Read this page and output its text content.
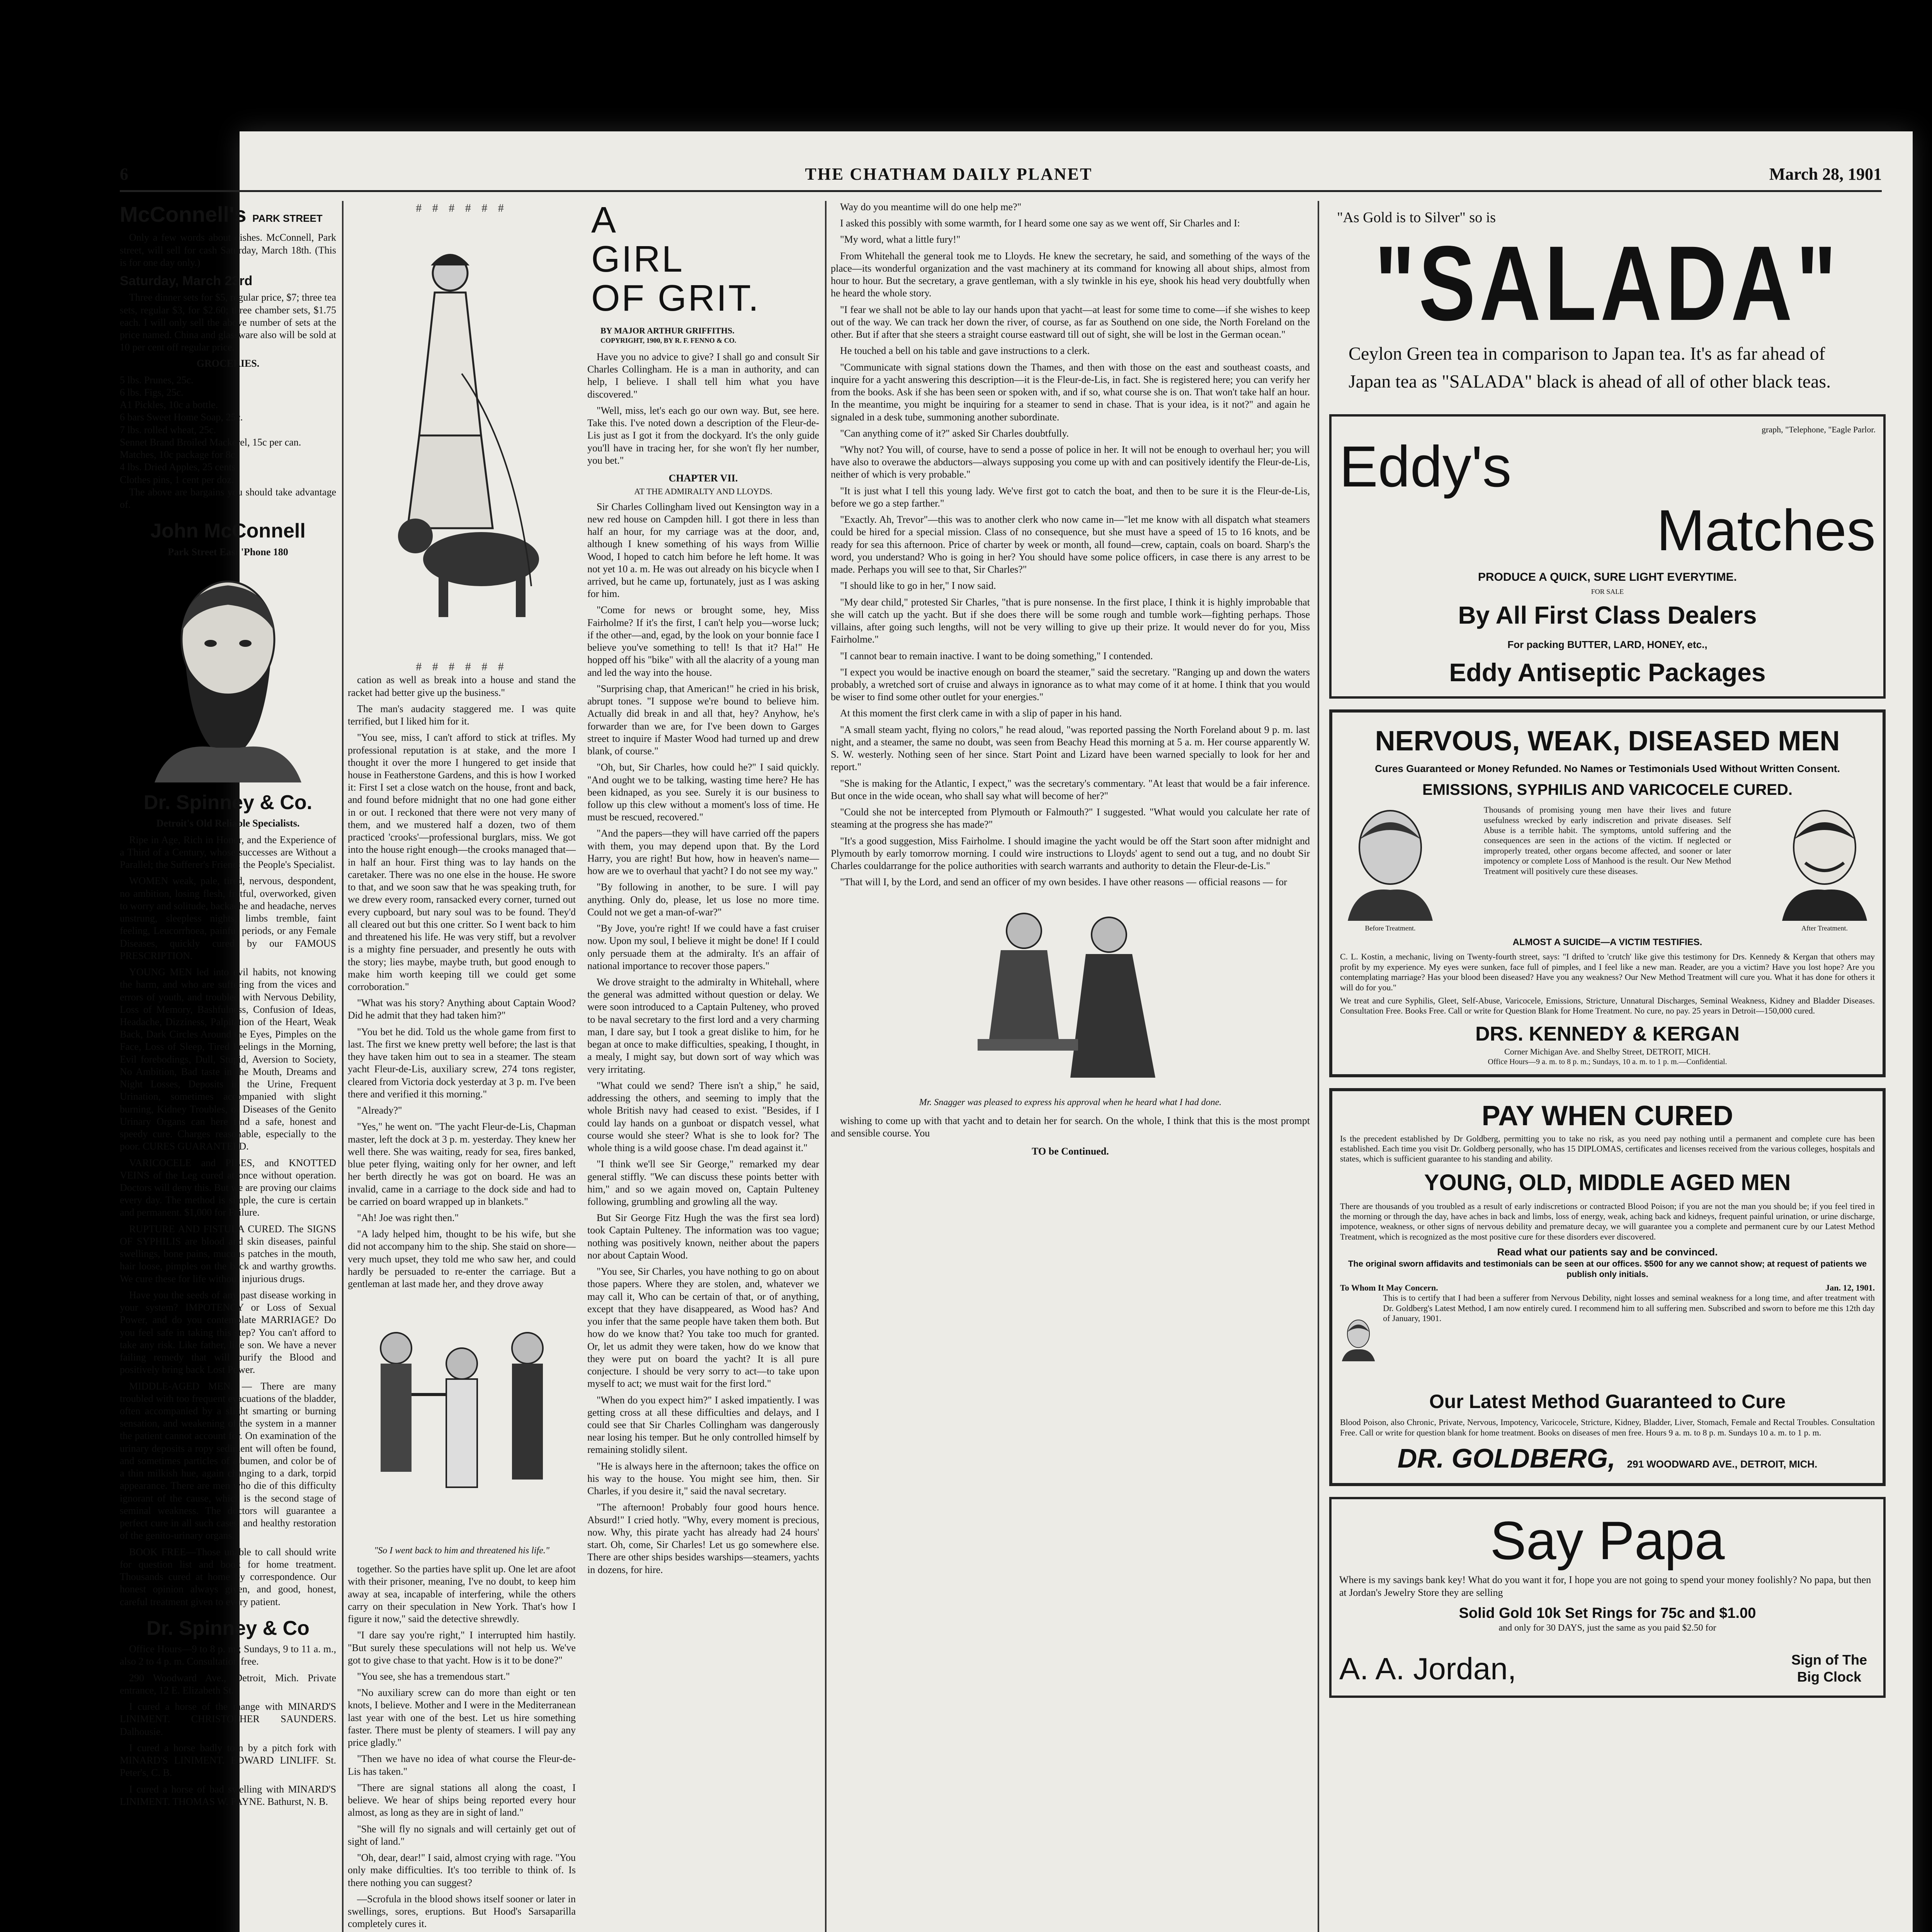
6	THE CHATHAM DAILY PLANET	March 28, 1901
McConnell's PARK STREET

Only a few words about dishes. McConnell, Park street, will sell for cash Saturday, March 18th. (This is for one day only.)

Saturday, March 23rd

Three dinner sets for $5, regular price, $7; three tea sets, regular $3, for $2.60; three chamber sets, $1.75 each. I will only sell the above number of sets at the price named. China and glassware also will be sold at 10 per cent off regular price.

GROCERIES.
5 lbs. Prunes, 25c.
6 lbs. Figs, 25c.
A1 Pickles, 10c a bottle.
6 bars Sweet Home Soap, 25c.
7 lbs. rolled wheat, 25c.
Sennet Brand Broiled Mackerel, 15c per can.
Matches, 10c package for 8c.
4 lbs. Dried Apples, 25 cents.
Clothes pins, 1 cent per doz.

The above are bargains you should take advantage of.

John McConnell
Park Street East 'Phone 180
Dr. Spinney & Co.
Detroit's Old Reliable Specialists.

Ripe in Age, Rich in Honor, and the Experience of a Third of a Century, whose successes are Without a Parallel; the Sufferer's Friend; the People's Specialist.

WOMEN weak, pale, tired, nervous, despondent, no ambition, losing flesh, fretful, overworked, given to worry and solitude, backache and headache, nerves unstrung, sleepless nights, limbs tremble, faint feeling, Leucorrhoea, painful periods, or any Female Diseases, quickly cured by our FAMOUS PRESCRIPTION.

YOUNG MEN led into evil habits, not knowing the harm, and who are suffering from the vices and errors of youth, and troubled with Nervous Debility, Loss of Memory, Bashfulness, Confusion of Ideas, Headache, Dizziness, Palpitation of the Heart, Weak Back, Dark Circles Around the Eyes, Pimples on the Face, Loss of Sleep, Tired Feelings in the Morning, Evil forebodings, Dull, Stupid, Aversion to Society, No Ambition, Bad taste in the Mouth, Dreams and Night Losses, Deposits in the Urine, Frequent Urination, sometimes accompanied with slight burning, Kidney Troubles, or Diseases of the Genito Urinary Organs can here find a safe, honest and speedy cure. Charges reasonable, especially to the poor. CURES GUARANTEED.

VARICOCELE and PILES, and KNOTTED VEINS of the Leg cured at once without operation. Doctors will deny this. But we are proving our claims every day. The method is simple, the cure is certain and permanent. $1,000 for Failure.

RUPTURE AND FISTULA CURED. The SIGNS OF SYPHILIS are blood and skin diseases, painful swellings, bone pains, mucous patches in the mouth, hair loose, pimples on the back and warthy growths. We cure these for life without injurious drugs.

Have you the seeds of any past disease working in your system? IMPOTENCY or Loss of Sexual Power, and do you contemplate MARRIAGE? Do you feel safe in taking this step? You can't afford to take any risk. Like father, like son. We have a never failing remedy that will purify the Blood and positively bring back Lost Power.

MIDDLE-AGED MEN. — There are many troubled with too frequent evacuations of the bladder, often accompanied by a slight smarting or burning sensation, and weakening of the system in a manner the patient cannot account for. On examination of the urinary deposits a ropy sediment will often be found, and sometimes particles of albumen, and color be of a thin milkish hue, again changing to a dark, torpid appearance. There are men who die of this difficulty ignorant of the cause, which is the second stage of seminal weakness. The doctors will guarantee a perfect cure in all such cases, and healthy restoration of the genito-urinary organs.

BOOK FREE—Those unable to call should write for question list and book for home treatment. Thousands cured at home by correspondence. Our honest opinion always given, and good, honest, careful treatment given to every patient.

Dr. Spinney & Co

Office Hours—9 to 8 p. m.; Sundays, 9 to 11 a. m., also 2 to 4 p. m. Consultation free.

290 Woodward Ave., Detroit, Mich. Private entrance, 12 E. Elizabeth St.

I cured a horse of the mange with MINARD'S LINIMENT. CHRISTOPHER SAUNDERS. Dalhousie.

I cured a horse badly torn by a pitch fork with MINARD'S LINIMENT. EDWARD LINLIFF. St. Peter's, C. B.

I cured a horse of bad swelling with MINARD'S LINIMENT. THOMAS W. PAYNE. Bathurst, N. B.

# # # # # #
# # # # # #

cation as well as break into a house and stand the racket had better give up the business."

The man's audacity staggered me. I was quite terrified, but I liked him for it.

"You see, miss, I can't afford to stick at trifles. My professional reputation is at stake, and the more I thought it over the more I hungered to get inside that house in Featherstone Gardens, and this is how I worked it: First I set a close watch on the house, front and back, and found before midnight that no one had gone either in or out. I reckoned that there were not very many of them, and we mustered half a dozen, two of them practiced 'crooks'—professional burglars, miss. We got into the house right enough—the crooks managed that—in half an hour. First thing was to lay hands on the caretaker. There was no one else in the house. He swore to that, and we soon saw that he was speaking truth, for we drew every room, ransacked every corner, turned out every cupboard, but nary soul was to be found. They'd all cleared out but this one critter. So I went back to him and threatened his life. He was very stiff, but a revolver is a mighty fine persuader, and presently he outs with the story; lies maybe, maybe truth, but good enough to make him worth keeping till we could get some corroboration."

"What was his story? Anything about Captain Wood? Did he admit that they had taken him?"

"You bet he did. Told us the whole game from first to last. The first we knew pretty well before; the last is that they have taken him out to sea in a steamer. The steam yacht Fleur-de-Lis, auxiliary screw, 274 tons register, cleared from Victoria dock yesterday at 3 p. m. I've been there and verified it this morning."

"Already?"

"Yes," he went on. "The yacht Fleur-de-Lis, Chapman master, left the dock at 3 p. m. yesterday. They knew her well there. She was waiting, ready for sea, fires banked, blue peter flying, waiting only for her owner, and left her berth directly he was got on board. He was an invalid, came in a carriage to the dock side and had to be carried on board wrapped up in blankets."

"Ah! Joe was right then."

"A lady helped him, thought to be his wife, but she did not accompany him to the ship. She staid on shore—very much upset, they told me who saw her, and could hardly be persuaded to re-enter the carriage. But a gentleman at last made her, and they drove away

"So I went back to him and threatened his life."

together. So the parties have split up. One let are afoot with their prisoner, meaning, I've no doubt, to keep him away at sea, incapable of interfering, while the others carry on their speculation in New York. That's how I figure it now," said the detective shrewdly.

"I dare say you're right," I interrupted him hastily. "But surely these speculations will not help us. We've got to give chase to that yacht. How is it to be done?"

"You see, she has a tremendous start."

"No auxiliary screw can do more than eight or ten knots, I believe. Mother and I were in the Mediterranean last year with one of the best. Let us hire something faster. There must be plenty of steamers. I will pay any price gladly."

"Then we have no idea of what course the Fleur-de-Lis has taken."

"There are signal stations all along the coast, I believe. We hear of ships being reported every hour almost, as long as they are in sight of land."

"She will fly no signals and will certainly get out of sight of land."

"Oh, dear, dear!" I said, almost crying with rage. "You only make difficulties. It's too terrible to think of. Is there nothing you can suggest?

—Scrofula in the blood shows itself sooner or later in swellings, sores, eruptions. But Hood's Sarsaparilla completely cures it.

A
GIRL
OF GRIT.

BY MAJOR ARTHUR GRIFFITHS.

COPYRIGHT, 1900, BY R. F. FENNO & CO.

Have you no advice to give? I shall go and consult Sir Charles Collingham. He is a man in authority, and can help, I believe. I shall tell him what you have discovered."

"Well, miss, let's each go our own way. But, see here. Take this. I've noted down a description of the Fleur-de-Lis just as I got it from the dockyard. It's the only guide you'll have in tracing her, for she won't fly her number, you bet."

CHAPTER VII.

AT THE ADMIRALTY AND LLOYDS.

Sir Charles Collingham lived out Kensington way in a new red house on Campden hill. I got there in less than half an hour, for my carriage was at the door, and, although I knew something of his ways from Willie Wood, I hoped to catch him before he left home. It was not yet 10 a. m. He was out already on his bicycle when I arrived, but he came up, fortunately, just as I was asking for him.

"Come for news or brought some, hey, Miss Fairholme? If it's the first, I can't help you—worse luck; if the other—and, egad, by the look on your bonnie face I believe you've something to tell! Is that it? Ha!" He hopped off his "bike" with all the alacrity of a young man and led the way into the house.

"Surprising chap, that American!" he cried in his brisk, abrupt tones. "I suppose we're bound to believe him. Actually did break in and all that, hey? Anyhow, he's forwarder than we are, for I've been down to Garges street to inquire if Master Wood had turned up and drew blank, of course."

"Oh, but, Sir Charles, how could he?" I said quickly. "And ought we to be talking, wasting time here? He has been kidnaped, as you see. Surely it is our business to follow up this clew without a moment's loss of time. He must be rescued, recovered."

"And the papers—they will have carried off the papers with them, you may depend upon that. By the Lord Harry, you are right! But how, how in heaven's name—how are we to overhaul that yacht? I do not see my way."

"By following in another, to be sure. I will pay anything. Only do, please, let us lose no more time. Could not we get a man-of-war?"

"By Jove, you're right! If we could have a fast cruiser now. Upon my soul, I believe it might be done! If I could only persuade them at the admiralty. It's an affair of national importance to recover those papers."

We drove straight to the admiralty in Whitehall, where the general was admitted without question or delay. We were soon introduced to a Captain Pulteney, who proved to be naval secretary to the first lord and a very charming man, I dare say, but I took a great dislike to him, for he began at once to make difficulties, speaking, I thought, in a mealy, I might say, but down sort of way which was very irritating.

"What could we send? There isn't a ship," he said, addressing the others, and seeming to imply that the whole British navy had ceased to exist. "Besides, if I could lay hands on a gunboat or dispatch vessel, what course would she steer? What is she to look for? The whole thing is a wild goose chase. I'm dead against it."

"I think we'll see Sir George," remarked my dear general stiffly. "We can discuss these points better with him," and so we again moved on, Captain Pulteney following, grumbling and growling all the way.

But Sir George Fitz Hugh the was the first sea lord) took Captain Pulteney. The information was too vague; nothing was positively known, neither about the papers nor about Captain Wood.

"You see, Sir Charles, you have nothing to go on about those papers. Where they are stolen, and, whatever we may call it, Who can be certain of that, or of anything, except that they have disappeared, as Wood has? And you infer that the same people have taken them both. But how do we know that? You take too much for granted. Or, let us admit they were taken, how do we know that they were put on board the yacht? It is all pure conjecture. I should be very sorry to act—to take upon myself to act; we must wait for the first lord."

"When do you expect him?" I asked impatiently. I was getting cross at all these difficulties and delays, and I could see that Sir Charles Collingham was dangerously near losing his temper. But he only controlled himself by remaining stolidly silent.

"He is always here in the afternoon; takes the office on his way to the house. You might see him, then. Sir Charles, if you desire it," said the naval secretary.

"The afternoon! Probably four good hours hence. Absurd!" I cried hotly. "Why, every moment is precious, now. Why, this pirate yacht has already had 24 hours' start. Oh, come, Sir Charles! Let us go somewhere else. There are other ships besides warships—steamers, yachts in dozens, for hire.

Way do you meantime will do one help me?"

I asked this possibly with some warmth, for I heard some one say as we went off, Sir Charles and I:

"My word, what a little fury!"

From Whitehall the general took me to Lloyds. He knew the secretary, he said, and something of the ways of the place—its wonderful organization and the vast machinery at its command for knowing all about ships, almost from hour to hour. But the secretary, a grave gentleman, with a sly twinkle in his eye, shook his head very doubtfully when he heard the whole story.

"I fear we shall not be able to lay our hands upon that yacht—at least for some time to come—if she wishes to keep out of the way. We can track her down the river, of course, as far as Southend on one side, the North Foreland on the other. But if after that she steers a straight course eastward till out of sight, she will be lost in the German ocean."

He touched a bell on his table and gave instructions to a clerk.

"Communicate with signal stations down the Thames, and then with those on the east and southeast coasts, and inquire for a yacht answering this description—it is the Fleur-de-Lis, in fact. She is registered here; you can verify her from the books. Ask if she has been seen or spoken with, and if so, what course she is on. That won't take half an hour. In the meantime, you might be inquiring for a steamer to send in chase. That is your idea, is it not?" and again he signaled in a desk tube, summoning another subordinate.

"Can anything come of it?" asked Sir Charles doubtfully.

"Why not? You will, of course, have to send a posse of police in her. It will not be enough to overhaul her; you will have also to overawe the abductors—always supposing you come up with and can positively identify the Fleur-de-Lis, neither of which is very probable."

"It is just what I tell this young lady. We've first got to catch the boat, and then to be sure it is the Fleur-de-Lis, before we go a step farther."

"Exactly. Ah, Trevor"—this was to another clerk who now came in—"let me know with all dispatch what steamers could be hired for a special mission. Class of no consequence, but she must have a speed of 15 to 16 knots, and be ready for sea this afternoon. Price of charter by week or month, all found—crew, captain, coals on board. Sharp's the word, you understand? Who is going in her? You should have some police officers, in case there is any arrest to be made. Perhaps you will see to that, Sir Charles?"

"I should like to go in her," I now said.

"My dear child," protested Sir Charles, "that is pure nonsense. In the first place, I think it is highly improbable that she will catch up the yacht. But if she does there will be some rough and tumble work—fighting perhaps. Those villains, after going such lengths, will not be very willing to give up their prize. It would never do for you, Miss Fairholme."

"I cannot bear to remain inactive. I want to be doing something," I contended.

"I expect you would be inactive enough on board the steamer," said the secretary. "Ranging up and down the waters probably, a wretched sort of cruise and always in ignorance as to what may come of it at home. I think that you would be wiser to find some other outlet for your energies."

At this moment the first clerk came in with a slip of paper in his hand.

"A small steam yacht, flying no colors," he read aloud, "was reported passing the North Foreland about 9 p. m. last night, and a steamer, the same no doubt, was seen from Beachy Head this morning at 5 a. m. Her course apparently W. S. W. westerly. Nothing seen of her since. Start Point and Lizard have been warned specially to look for her and report."

"She is making for the Atlantic, I expect," was the secretary's commentary. "At least that would be a fair inference. But once in the wide ocean, who shall say what will become of her?"

"Could she not be intercepted from Plymouth or Falmouth?" I suggested. "What would you calculate her rate of steaming at the progress she has made?"

"It's a good suggestion, Miss Fairholme. I should imagine the yacht would be off the Start soon after midnight and Plymouth by early tomorrow morning. I could wire instructions to Lloyds' agent to send out a tug, and no doubt Sir Charles couldarrange for the police authorities with search warrants and authority to detain the Fleur-de-Lis."

"That will I, by the Lord, and send an officer of my own besides. I have other reasons — official reasons — for

Mr. Snagger was pleased to express his approval when he heard what I had done.

wishing to come up with that yacht and to detain her for search. On the whole, I think that this is the most prompt and sensible course. You

TO be Continued.

"As Gold is to Silver" so is
"SALADA"
Ceylon Green tea in comparison to Japan tea. It's as far ahead of Japan tea as "SALADA" black is ahead of all of other black teas.
graph, "Telephone, "Eagle Parlor.
Eddy's
Matches
PRODUCE A QUICK, SURE LIGHT EVERYTIME.
FOR SALE
By All First Class Dealers
For packing BUTTER, LARD, HONEY, etc.,
Eddy Antiseptic Packages
NERVOUS, WEAK, DISEASED MEN
Cures Guaranteed or Money Refunded. No Names or Testimonials Used Without Written Consent.
EMISSIONS, SYPHILIS AND VARICOCELE CURED.
Before Treatment.
Thousands of promising young men have their lives and future usefulness wrecked by early indiscretion and private diseases. Self Abuse is a terrible habit. The symptoms, untold suffering and the consequences are seen in the actions of the victim. If neglected or improperly treated, other organs become affected, and sooner or later impotency or complete Loss of Manhood is the result. Our New Method Treatment will positively cure these diseases.
After Treatment.
ALMOST A SUICIDE—A VICTIM TESTIFIES.
C. L. Kostin, a mechanic, living on Twenty-fourth street, says: "I drifted to 'crutch' like give this testimony for Drs. Kennedy & Kergan that others may profit by my experience. My eyes were sunken, face full of pimples, and I feel like a new man. Reader, are you a victim? Have you lost hope? Are you contemplating marriage? Has your blood been diseased? Have you any weakness? Our New Method Treatment will cure you. What it has done for others it will do for you."
We treat and cure Syphilis, Gleet, Self-Abuse, Varicocele, Emissions, Stricture, Unnatural Discharges, Seminal Weakness, Kidney and Bladder Diseases. Consultation Free. Books Free. Call or write for Question Blank for Home Treatment. No cure, no pay. 25 years in Detroit—150,000 cured.
DRS. KENNEDY & KERGAN
Corner Michigan Ave. and Shelby Street, DETROIT, MICH.
Office Hours—9 a. m. to 8 p. m.; Sundays, 10 a. m. to 1 p. m.—Confidential.
PAY WHEN CURED
Is the precedent established by Dr Goldberg, permitting you to take no risk, as you need pay nothing until a permanent and complete cure has been established. Each time you visit Dr. Goldberg personally, who has 15 DIPLOMAS, certificates and licenses received from the various colleges, hospitals and states, which is sufficient guarantee to his standing and ability.
YOUNG, OLD, MIDDLE AGED MEN
There are thousands of you troubled as a result of early indiscretions or contracted Blood Poison; if you are not the man you should be; if you feel tired in the morning or through the day, have aches in back and limbs, loss of energy, weak, aching back and kidneys, frequent painful urination, or urine discharge, impotence, weakness, or other signs of nervous debility and premature decay, we will guarantee you a complete and permanent cure by our Latest Method Treatment, which is recognized as the most positive cure for these disorders ever discovered.
Read what our patients say and be convinced.
The original sworn affidavits and testimonials can be seen at our offices. $500 for any we cannot show; at request of patients we publish only initials.
To Whom It May Concern.	Jan. 12, 1901.
This is to certify that I had been a sufferer from Nervous Debility, night losses and seminal weakness for a long time, and after treatment with Dr. Goldberg's Latest Method, I am now entirely cured. I recommend him to all suffering men. Subscribed and sworn to before me this 12th day of January, 1901.
Our Latest Method Guaranteed to Cure
Blood Poison, also Chronic, Private, Nervous, Impotency, Varicocele, Stricture, Kidney, Bladder, Liver, Stomach, Female and Rectal Troubles. Consultation Free. Call or write for question blank for home treatment. Books on diseases of men free. Hours 9 a. m. to 8 p. m. Sundays 10 a. m. to 1 p. m.
DR. GOLDBERG, 291 WOODWARD AVE., DETROIT, MICH.
Say Papa
Where is my savings bank key! What do you want it for, I hope you are not going to spend your money foolishly? No papa, but then at Jordan's Jewelry Store they are selling
Solid Gold 10k Set Rings for 75c and $1.00
and only for 30 DAYS, just the same as you paid $2.50 for
A. A. Jordan,	Sign of The Big Clock
